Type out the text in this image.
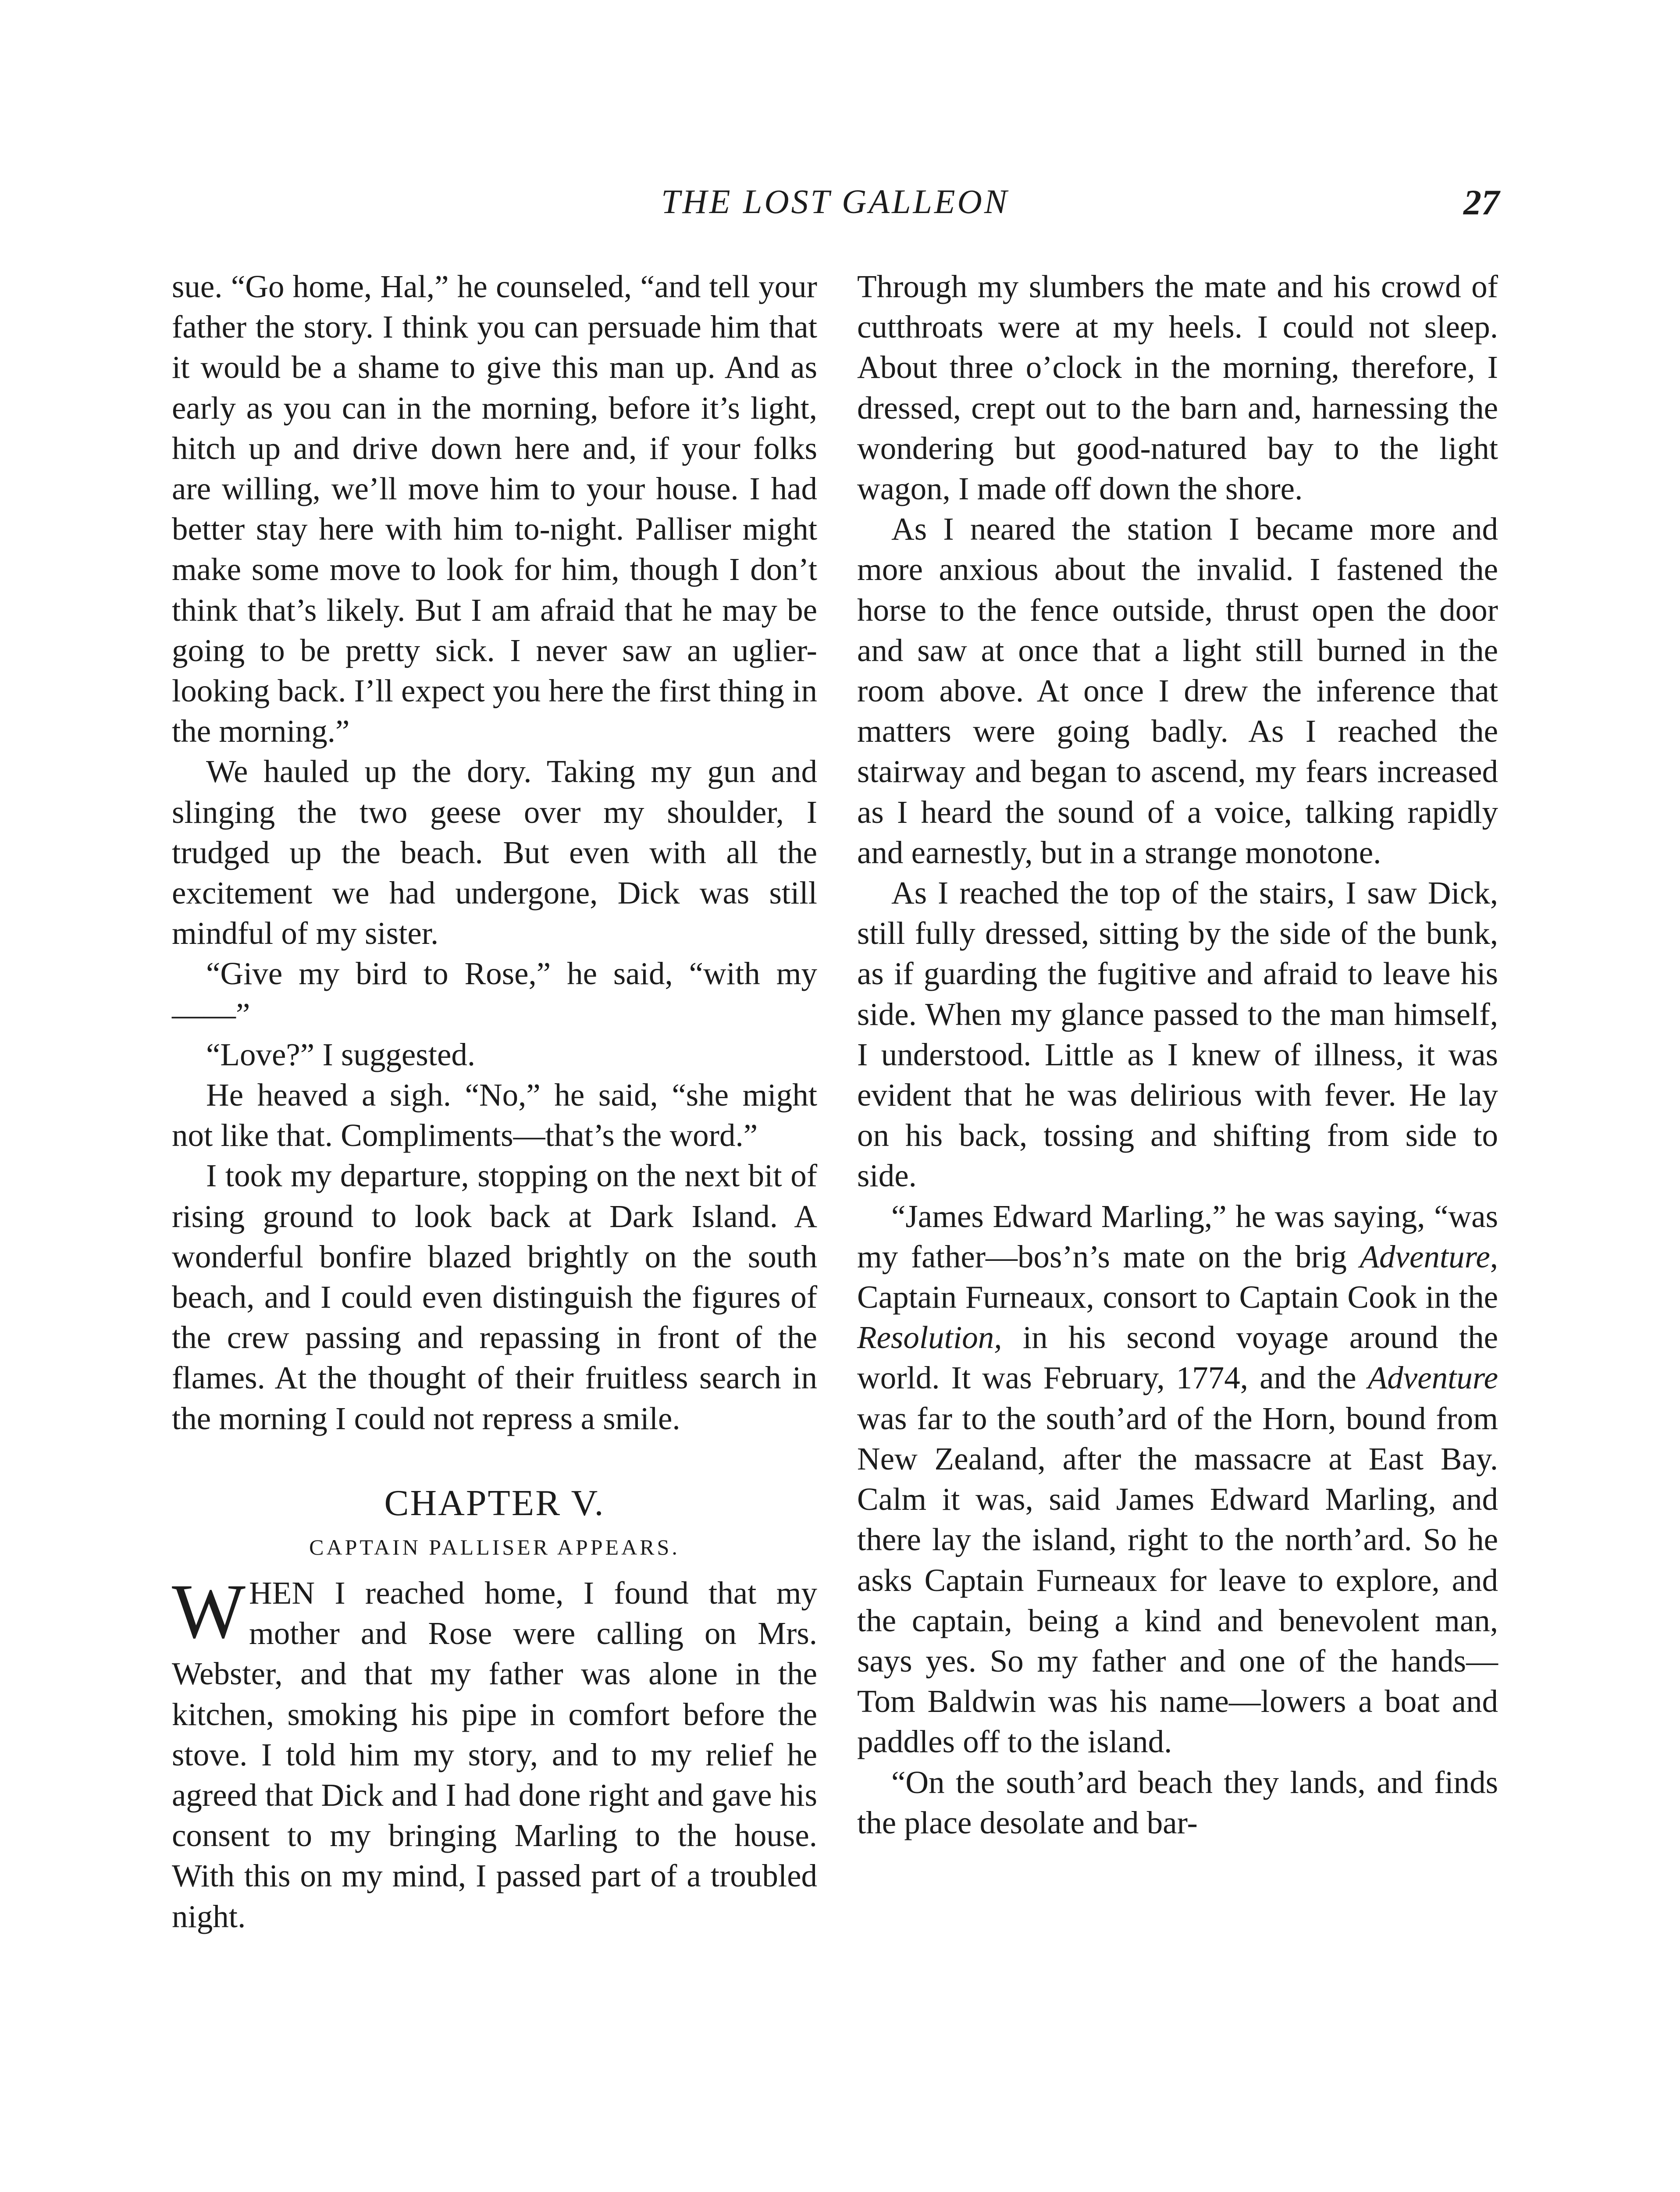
THE LOST GALLEON	27

sue. “Go home, Hal,” he counseled, “and tell your father the story. I think you can persuade him that it would be a shame to give this man up. And as early as you can in the morning, before it’s light, hitch up and drive down here and, if your folks are willing, we’ll move him to your house. I had better stay here with him to-night. Palliser might make some move to look for him, though I don’t think that’s likely. But I am afraid that he may be going to be pretty sick. I never saw an uglier-looking back. I’ll expect you here the first thing in the morning.”

We hauled up the dory. Taking my gun and slinging the two geese over my shoulder, I trudged up the beach. But even with all the excitement we had undergone, Dick was still mindful of my sister.

“Give my bird to Rose,” he said, “with my——”

“Love?” I suggested.

He heaved a sigh. “No,” he said, “she might not like that. Compliments—that’s the word.”

I took my departure, stopping on the next bit of rising ground to look back at Dark Island. A wonderful bonfire blazed brightly on the south beach, and I could even distinguish the figures of the crew passing and repassing in front of the flames. At the thought of their fruitless search in the morning I could not repress a smile.

CHAPTER V.
CAPTAIN PALLISER APPEARS.

WHEN I reached home, I found that my mother and Rose were calling on Mrs. Webster, and that my father was alone in the kitchen, smoking his pipe in comfort before the stove. I told him my story, and to my relief he agreed that Dick and I had done right and gave his consent to my bringing Marling to the house. With this on my mind, I passed part of a troubled night.

Through my slumbers the mate and his crowd of cutthroats were at my heels. I could not sleep. About three o’clock in the morning, therefore, I dressed, crept out to the barn and, harnessing the wondering but good-natured bay to the light wagon, I made off down the shore.

As I neared the station I became more and more anxious about the invalid. I fastened the horse to the fence outside, thrust open the door and saw at once that a light still burned in the room above. At once I drew the inference that matters were going badly. As I reached the stairway and began to ascend, my fears increased as I heard the sound of a voice, talking rapidly and earnestly, but in a strange monotone.

As I reached the top of the stairs, I saw Dick, still fully dressed, sitting by the side of the bunk, as if guarding the fugitive and afraid to leave his side. When my glance passed to the man himself, I understood. Little as I knew of illness, it was evident that he was delirious with fever. He lay on his back, tossing and shifting from side to side.

“James Edward Marling,” he was saying, “was my father—bos’n’s mate on the brig Adventure, Captain Furneaux, consort to Captain Cook in the Resolution, in his second voyage around the world. It was February, 1774, and the Adventure was far to the south’ard of the Horn, bound from New Zealand, after the massacre at East Bay. Calm it was, said James Edward Marling, and there lay the island, right to the north’ard. So he asks Captain Furneaux for leave to explore, and the captain, being a kind and benevolent man, says yes. So my father and one of the hands—Tom Baldwin was his name—lowers a boat and paddles off to the island.

“On the south’ard beach they lands, and finds the place desolate and bar-
